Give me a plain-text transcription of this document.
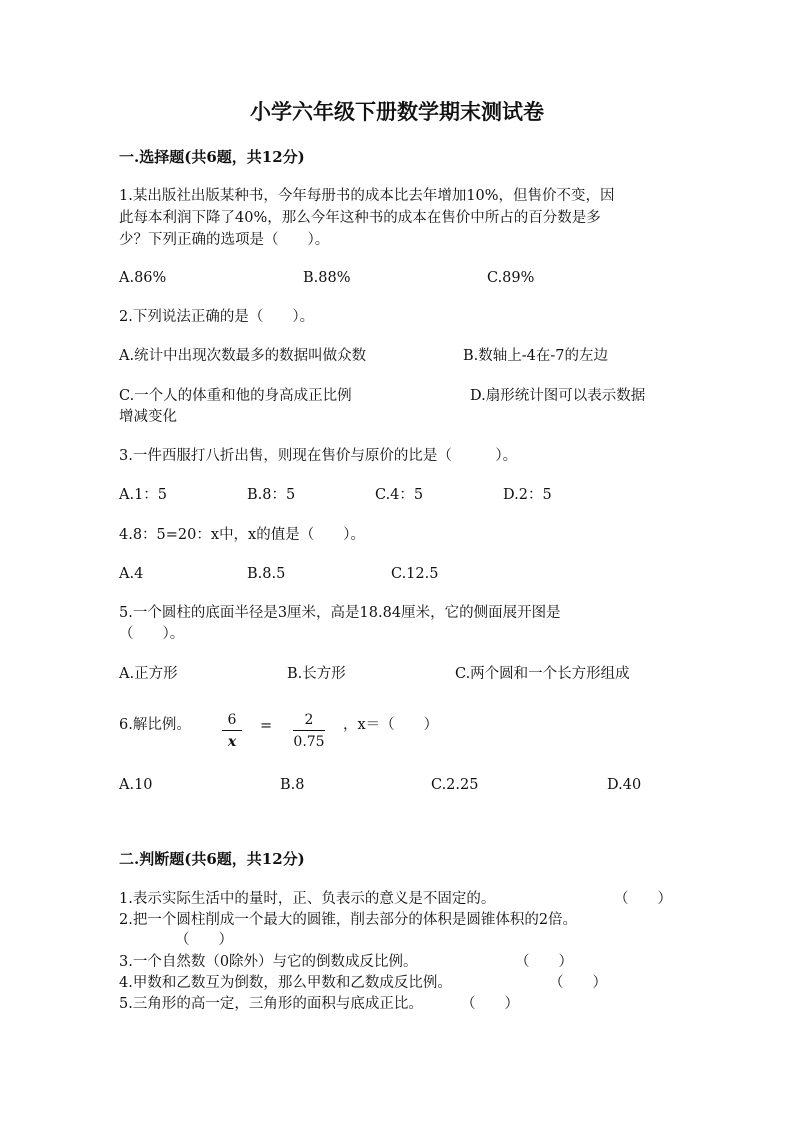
小学六年级下册数学期末测试卷
一.选择题(共6题，共12分)
1.某出版社出版某种书，今年每册书的成本比去年增加10%，但售价不变，因
此每本利润下降了40%，那么今年这种书的成本在售价中所占的百分数是多
少？下列正确的选项是（　　）。
A.86%	B.88%	C.89%
2.下列说法正确的是（　　）。
A.统计中出现次数最多的数据叫做众数	B.数轴上-4在-7的左边
C.一个人的体重和他的身高成正比例	D.扇形统计图可以表示数据
增减变化
3.一件西服打八折出售，则现在售价与原价的比是（　　　）。
A.1：5	B.8：5	C.4：5	D.2：5
4.8：5=20：x中，x的值是（　　）。
A.4	B.8.5	C.12.5
5.一个圆柱的底面半径是3厘米，高是18.84厘米，它的侧面展开图是
（　　）。
A.正方形	B.长方形	C.两个圆和一个长方形组成
6.解比例。	6
x
=	2
0.75
，x＝（　　）
A.10	B.8	C.2.25	D.40
二.判断题(共6题，共12分)
1.表示实际生活中的量时，正、负表示的意义是不固定的。	（　　）
2.把一个圆柱削成一个最大的圆锥，削去部分的体积是圆锥体积的2倍。
（　　）
3.一个自然数（0除外）与它的倒数成反比例。	（　　）
4.甲数和乙数互为倒数，那么甲数和乙数成反比例。	（　　）
5.三角形的高一定，三角形的面积与底成正比。	（　　）
